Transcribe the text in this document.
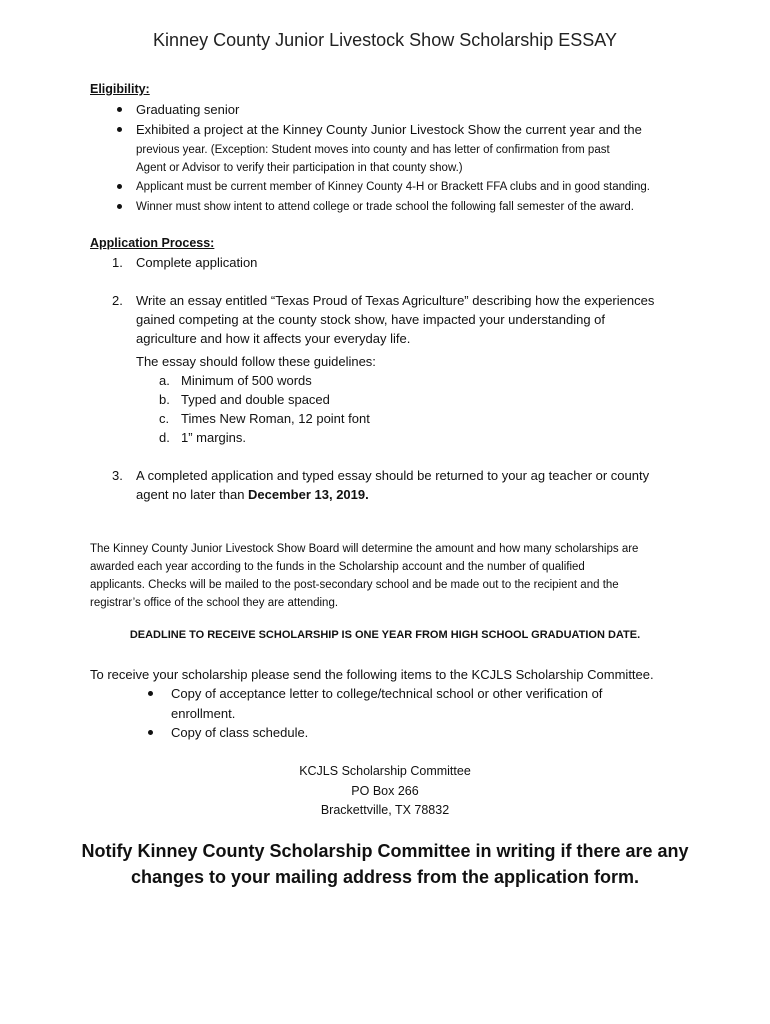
Kinney County Junior Livestock Show Scholarship ESSAY
Eligibility:
Graduating senior
Exhibited a project at the Kinney County Junior Livestock Show the current year and the
previous year. (Exception: Student moves into county and has letter of confirmation from past
Agent or Advisor to verify their participation in that county show.)
Applicant must be current member of Kinney County 4-H or Brackett FFA clubs and in good standing.
Winner must show intent to attend college or trade school the following fall semester of the award.
Application Process:
1. Complete application
2. Write an essay entitled “Texas Proud of Texas Agriculture” describing how the experiences
gained competing at the county stock show, have impacted your understanding of
agriculture and how it affects your everyday life.
The essay should follow these guidelines:
a. Minimum of 500 words
b. Typed and double spaced
c. Times New Roman, 12 point font
d. 1” margins.
3. A completed application and typed essay should be returned to your ag teacher or county
agent no later than December 13, 2019.
The Kinney County Junior Livestock Show Board will determine the amount and how many scholarships are
awarded each year according to the funds in the Scholarship account and the number of qualified
applicants. Checks will be mailed to the post-secondary school and be made out to the recipient and the
registrar’s office of the school they are attending.
DEADLINE TO RECEIVE SCHOLARSHIP IS ONE YEAR FROM HIGH SCHOOL GRADUATION DATE.
To receive your scholarship please send the following items to the KCJLS Scholarship Committee.
Copy of acceptance letter to college/technical school or other verification of
enrollment.
Copy of class schedule.
KCJLS Scholarship Committee
PO Box 266
Brackettville, TX 78832
Notify Kinney County Scholarship Committee in writing if there are any
changes to your mailing address from the application form.
